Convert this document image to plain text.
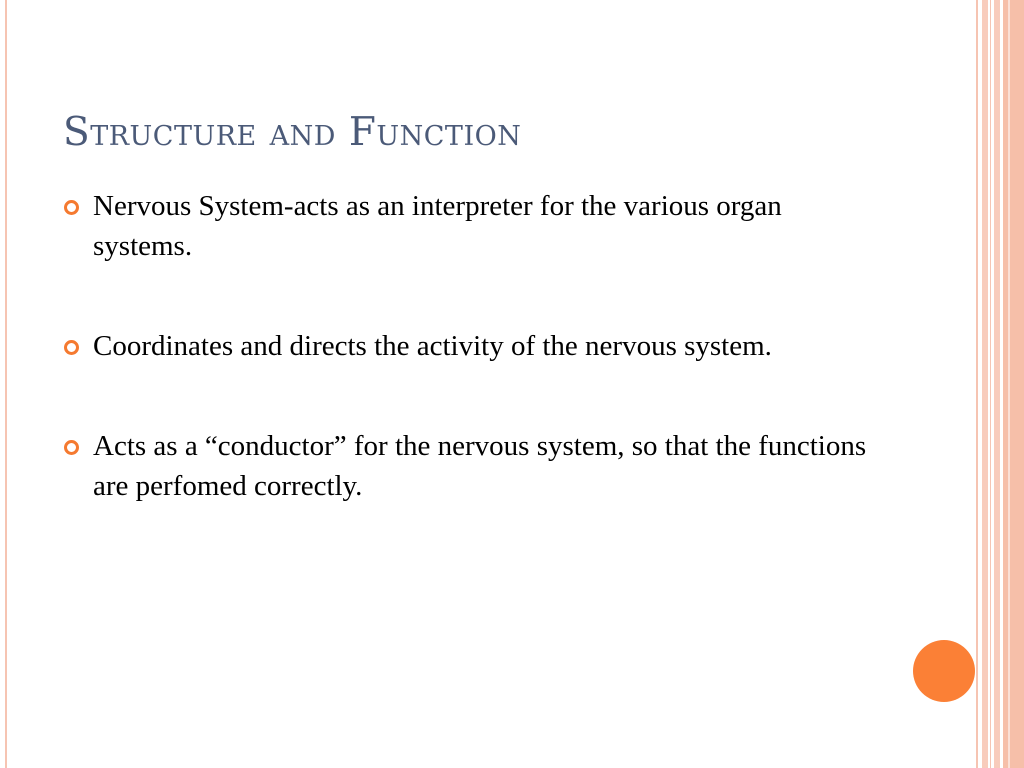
Structure and Function
Nervous System-acts as an interpreter for the various organ systems.
Coordinates and directs the activity of the nervous system.
Acts as a “conductor” for the nervous system, so that the functions are perfomed correctly.
